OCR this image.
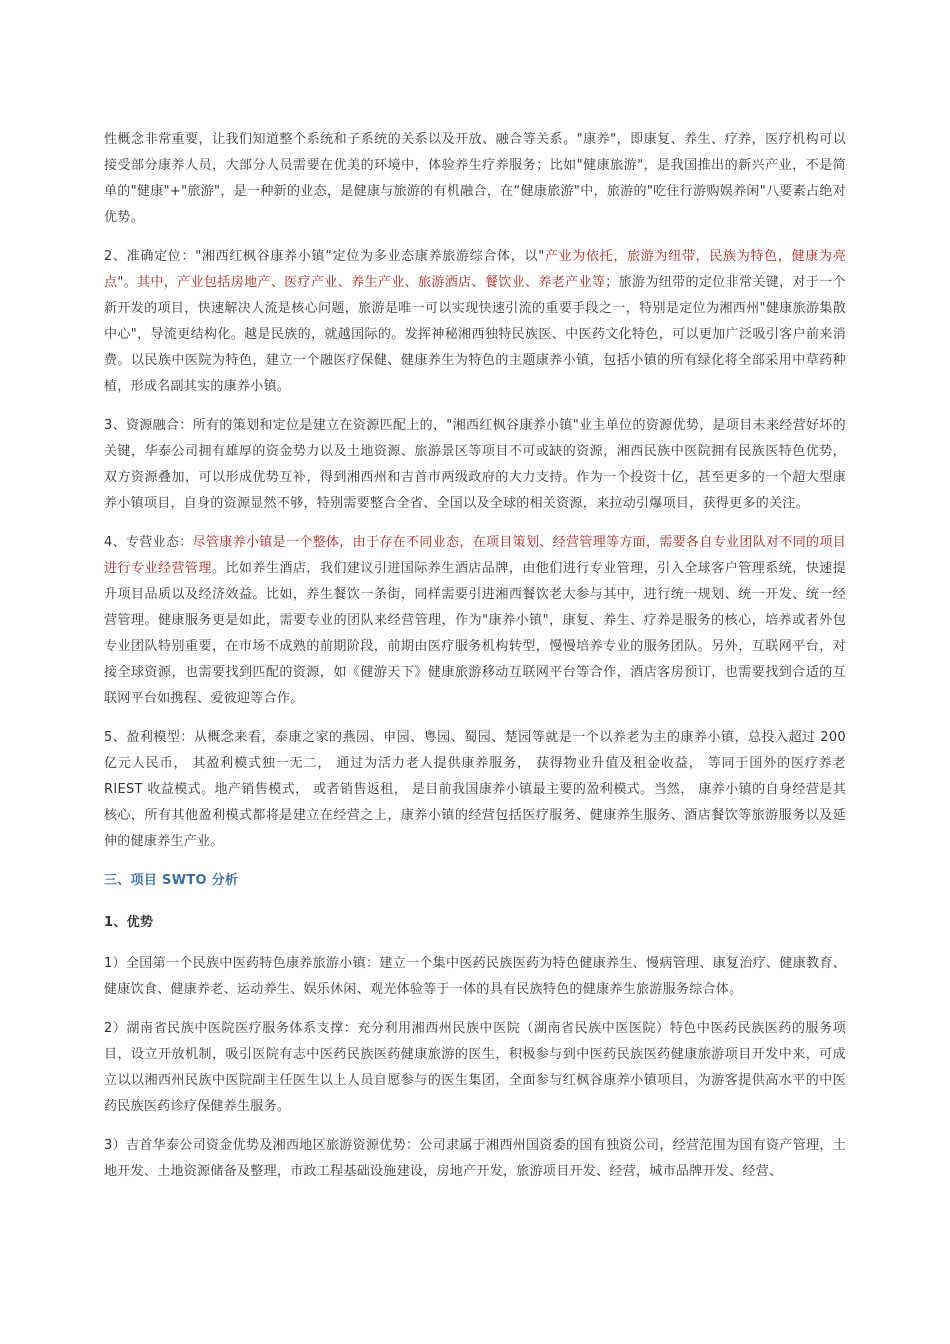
性概念非常重要，让我们知道整个系统和子系统的关系以及开放、融合等关系。"康养"，即康复、养生、疗养，医疗机构可以接受部分康养人员，大部分人员需要在优美的环境中，体验养生疗养服务；比如"健康旅游"，是我国推出的新兴产业，不是简单的"健康"+"旅游"，是一种新的业态，是健康与旅游的有机融合，在“健康旅游"中，旅游的"吃住行游购娱养闲"八要素占绝对优势。

2、准确定位："湘西红枫谷康养小镇”定位为多业态康养旅游综合体，以"产业为依托，旅游为纽带，民族为特色，健康为亮点"。其中，产业包括房地产、医疗产业、养生产业、旅游酒店、餐饮业、养老产业等；旅游为纽带的定位非常关键，对于一个新开发的项目，快速解决人流是核心问题，旅游是唯一可以实现快速引流的重要手段之一，特别是定位为湘西州"健康旅游集散中心"，导流更结构化。越是民族的，就越国际的。发挥神秘湘西独特民族医、中医药文化特色，可以更加广泛吸引客户前来消费。以民族中医院为特色，建立一个融医疗保健、健康养生为特色的主题康养小镇，包括小镇的所有绿化将全部采用中草药种植，形成名副其实的康养小镇。

3、资源融合：所有的策划和定位是建立在资源匹配上的，"湘西红枫谷康养小镇"业主单位的资源优势，是项目未来经营好坏的关键，华泰公司拥有雄厚的资金势力以及土地资源、旅游景区等项目不可或缺的资源，湘西民族中医院拥有民族医特色优势，双方资源叠加，可以形成优势互补，得到湘西州和吉首市两级政府的大力支持。作为一个投资十亿，甚至更多的一个超大型康养小镇项目，自身的资源显然不够，特别需要整合全省、全国以及全球的相关资源，来拉动引爆项目，获得更多的关注。

4、专营业态：尽管康养小镇是一个整体，由于存在不同业态，在项目策划、经营管理等方面，需要各自专业团队对不同的项目进行专业经营管理。比如养生酒店，我们建议引进国际养生酒店品牌，由他们进行专业管理，引入全球客户管理系统，快速提升项目品质以及经济效益。比如，养生餐饮一条街，同样需要引进湘西餐饮老大参与其中，进行统一规划、统一开发、统一经营管理。健康服务更是如此，需要专业的团队来经营管理，作为"康养小镇"，康复、养生、疗养是服务的核心，培养或者外包专业团队特别重要，在市场不成熟的前期阶段，前期由医疗服务机构转型，慢慢培养专业的服务团队。另外，互联网平台，对接全球资源，也需要找到匹配的资源，如《健游天下》健康旅游移动互联网平台等合作，酒店客房预订，也需要找到合适的互联网平台如携程、爱彼迎等合作。

5、盈利模型：从概念来看，泰康之家的燕园、申园、粤园、蜀园、楚园等就是一个以养老为主的康养小镇，总投入超过 200 亿元人民币， 其盈利模式独一无二， 通过为活力老人提供康养服务， 获得物业升值及租金收益， 等同于国外的医疗养老 RIEST 收益模式。地产销售模式， 或者销售返租， 是目前我国康养小镇最主要的盈利模式。当然， 康养小镇的自身经营是其核心，所有其他盈利模式都将是建立在经营之上，康养小镇的经营包括医疗服务、健康养生服务、酒店餐饮等旅游服务以及延伸的健康养生产业。

三、项目 SWTO 分析

1、优势

1）全国第一个民族中医药特色康养旅游小镇：建立一个集中医药民族医药为特色健康养生、慢病管理、康复治疗、健康教育、健康饮食、健康养老、运动养生、娱乐休闲、观光体验等于一体的具有民族特色的健康养生旅游服务综合体。

2）湖南省民族中医院医疗服务体系支撑：充分利用湘西州民族中医院（湖南省民族中医医院）特色中医药民族医药的服务项目，设立开放机制，吸引医院有志中医药民族医药健康旅游的医生，积极参与到中医药民族医药健康旅游项目开发中来，可成立以以湘西州民族中医院副主任医生以上人员自愿参与的医生集团，全面参与红枫谷康养小镇项目，为游客提供高水平的中医药民族医药诊疗保健养生服务。

3）吉首华泰公司资金优势及湘西地区旅游资源优势：公司隶属于湘西州国资委的国有独资公司，经营范围为国有资产管理，土地开发、土地资源储备及整理，市政工程基础设施建设，房地产开发，旅游项目开发、经营，城市品牌开发、经营、
